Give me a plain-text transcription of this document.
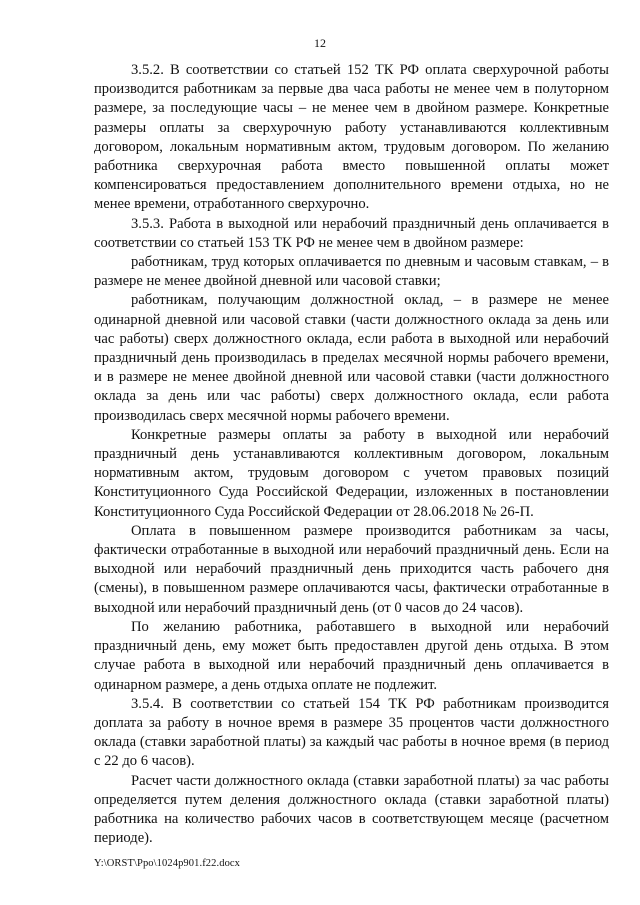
12

3.5.2. В соответствии со статьей 152 ТК РФ оплата сверхурочной работы производится работникам за первые два часа работы не менее чем в полуторном размере, за последующие часы – не менее чем в двойном размере. Конкретные размеры оплаты за сверхурочную работу устанавливаются коллективным договором, локальным нормативным актом, трудовым договором. По желанию работника сверхурочная работа вместо повышенной оплаты может компенсироваться предоставлением дополнительного времени отдыха, но не менее времени, отработанного сверхурочно.

3.5.3. Работа в выходной или нерабочий праздничный день оплачивается в соответствии со статьей 153 ТК РФ не менее чем в двойном размере:

работникам, труд которых оплачивается по дневным и часовым ставкам, – в размере не менее двойной дневной или часовой ставки;

работникам, получающим должностной оклад, – в размере не менее одинарной дневной или часовой ставки (части должностного оклада за день или час работы) сверх должностного оклада, если работа в выходной или нерабочий праздничный день производилась в пределах месячной нормы рабочего времени, и в размере не менее двойной дневной или часовой ставки (части должностного оклада за день или час работы) сверх должностного оклада, если работа производилась сверх месячной нормы рабочего времени.

Конкретные размеры оплаты за работу в выходной или нерабочий праздничный день устанавливаются коллективным договором, локальным нормативным актом, трудовым договором с учетом правовых позиций Конституционного Суда Российской Федерации, изложенных в постановлении Конституционного Суда Российской Федерации от 28.06.2018 № 26-П.

Оплата в повышенном размере производится работникам за часы, фактически отработанные в выходной или нерабочий праздничный день. Если на выходной или нерабочий праздничный день приходится часть рабочего дня (смены), в повышенном размере оплачиваются часы, фактически отработанные в выходной или нерабочий праздничный день (от 0 часов до 24 часов).

По желанию работника, работавшего в выходной или нерабочий праздничный день, ему может быть предоставлен другой день отдыха. В этом случае работа в выходной или нерабочий праздничный день оплачивается в одинарном размере, а день отдыха оплате не подлежит.

3.5.4. В соответствии со статьей 154 ТК РФ работникам производится доплата за работу в ночное время в размере 35 процентов части должностного оклада (ставки заработной платы) за каждый час работы в ночное время (в период с 22 до 6 часов).

Расчет части должностного оклада (ставки заработной платы) за час работы определяется путем деления должностного оклада (ставки заработной платы) работника на количество рабочих часов в соответствующем месяце (расчетном периоде).

Y:\ORST\Ppo\1024p901.f22.docx
